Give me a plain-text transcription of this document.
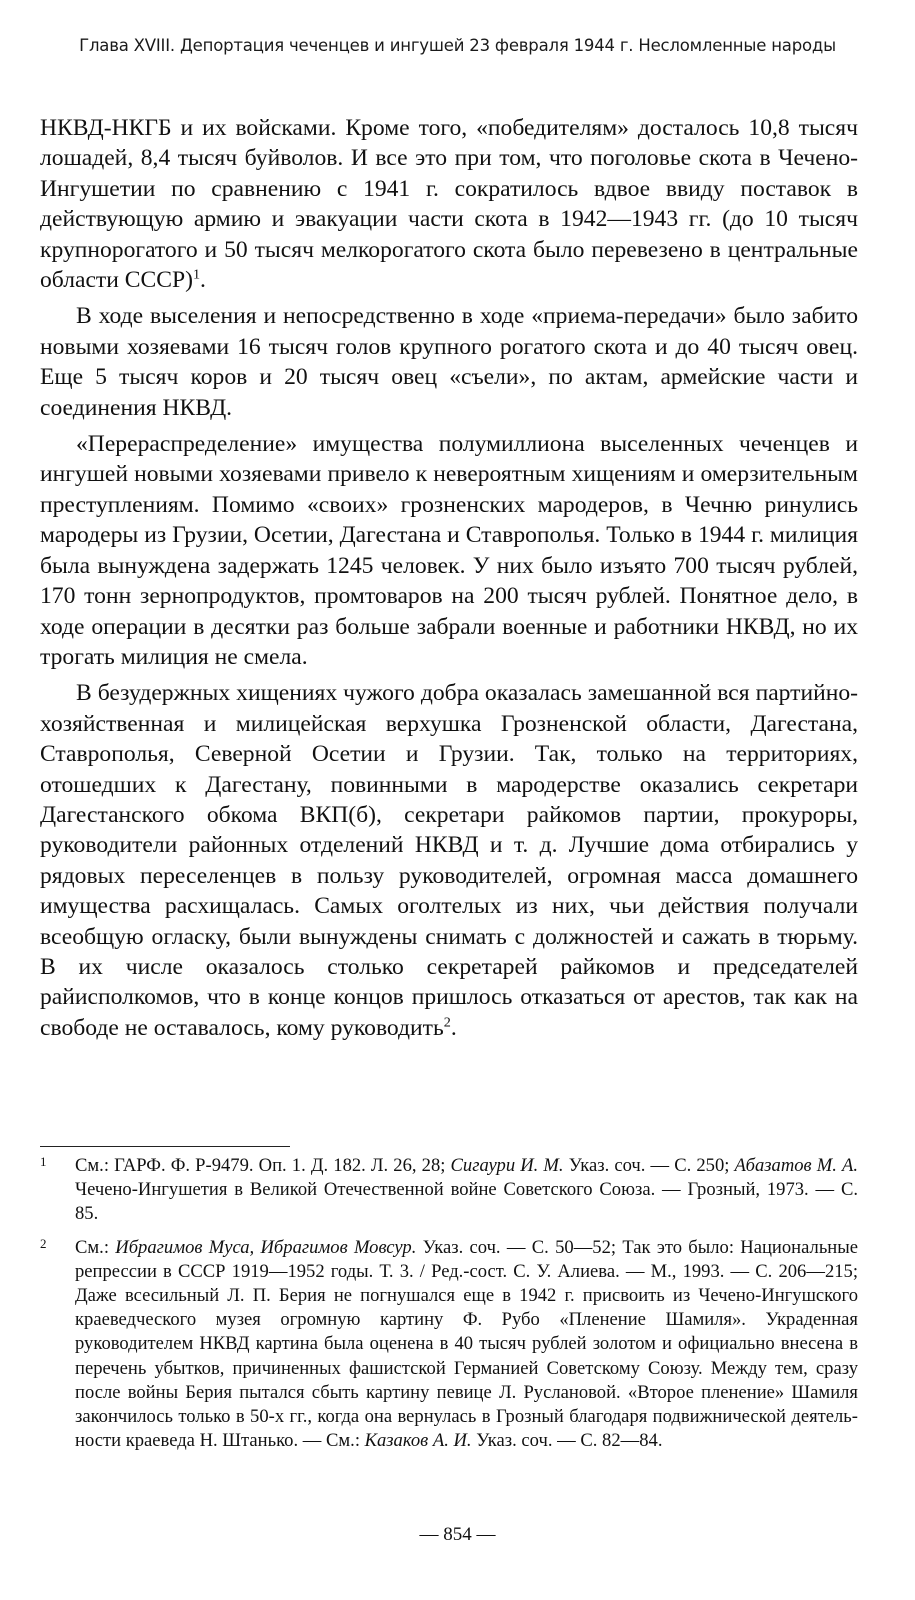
Глава XVIII. Депортация чеченцев и ингушей 23 февраля 1944 г. Несломленные народы

НКВД-НКГБ и их войсками. Кроме того, «победителям» досталось 10,8 тысяч лошадей, 8,4 тысяч буйволов. И все это при том, что поголовье скота в Чечено-Ингушетии по сравнению с 1941 г. сократилось вдвое ввиду поставок в действующую армию и эвакуации части скота в 1942—1943 гг. (до 10 тысяч крупнорогатого и 50 тысяч мелкорогатого скота было перевезено в центральные области СССР)$^1$.

В ходе выселения и непосредственно в ходе «приема-передачи» было забито новыми хозяевами 16 тысяч голов крупного рогатого скота и до 40 тысяч овец. Еще 5 тысяч коров и 20 тысяч овец «съели», по актам, армейские части и соединения НКВД.

«Перераспределение» имущества полумиллиона выселенных чеченцев и ингушей новыми хозяевами привело к невероятным хищениям и омерзительным преступлениям. Помимо «своих» грозненских мародеров, в Чечню ринулись мародеры из Грузии, Осетии, Дагестана и Ставрополья. Только в 1944 г. милиция была вынуждена задержать 1245 человек. У них было изъято 700 тысяч рублей, 170 тонн зернопродуктов, промтоваров на 200 тысяч рублей. Понятное дело, в ходе операции в десятки раз больше забрали военные и работники НКВД, но их трогать милиция не смела.

В безудержных хищениях чужого добра оказалась замешанной вся партийно-хозяйственная и милицейская верхушка Грозненской области, Дагестана, Ставрополья, Северной Осетии и Грузии. Так, только на территориях, отошедших к Дагестану, повинными в мародерстве оказались секретари Дагестанского обкома ВКП(б), секретари райкомов партии, прокуроры, руководители районных отделений НКВД и т. д. Лучшие дома отбирались у рядовых переселенцев в пользу руководителей, огромная масса домашнего имущества расхищалась. Самых оголтелых из них, чьи действия получали всеобщую огласку, были вынуждены снимать с должностей и сажать в тюрьму. В их числе оказалось столько секретарей райкомов и председателей райисполкомов, что в конце концов пришлось отказаться от арестов, так как на свободе не оставалось, кому руководить$^2$.

1 См.: ГАРФ. Ф. Р-9479. Оп. 1. Д. 182. Л. 26, 28; Сигаури И. М. Указ. соч. — С. 250; Абазатов М. А. Чечено-Ингушетия в Великой Отечественной войне Советского Союза. — Грозный, 1973. — С. 85.
2 См.: Ибрагимов Муса, Ибрагимов Мовсур. Указ. соч. — С. 50—52; Так это было: Национальные репрессии в СССР 1919—1952 годы. Т. 3. / Ред.-сост. С. У. Алиева. — М., 1993. — С. 206—215; Даже всесильный Л. П. Берия не погнушался еще в 1942 г. присвоить из Чечено-Ингушского краеведческого музея огромную картину Ф. Рубо «Пленение Шамиля». Украденная руководителем НКВД картина была оценена в 40 тысяч рублей золотом и официально внесена в перечень убытков, причиненных фашистской Германией Советскому Союзу. Между тем, сразу после войны Берия пытался сбыть картину певице Л. Руслановой. «Второе пленение» Шамиля закончилось только в 50-х гг., когда она вернулась в Грозный благодаря подвижнической деятельности краеведа Н. Штанько. — См.: Казаков А. И. Указ. соч. — С. 82—84.
— 854 —
